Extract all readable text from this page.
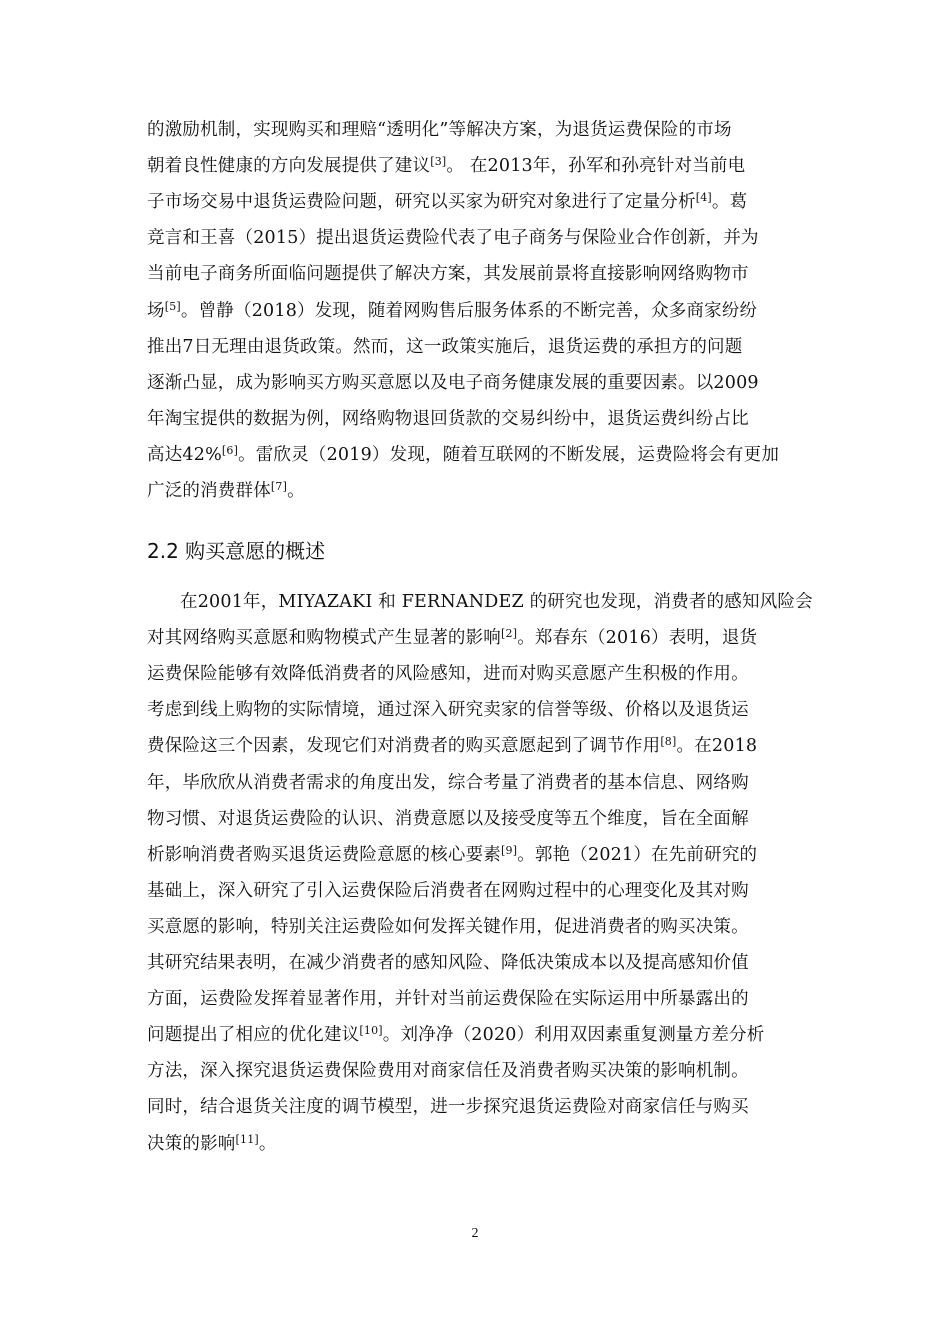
的激励机制，实现购买和理赔“透明化”等解决方案，为退货运费保险的市场
朝着良性健康的方向发展提供了建议[3]。 在2013年，孙军和孙亮针对当前电
子市场交易中退货运费险问题，研究以买家为研究对象进行了定量分析[4]。葛
竞言和王喜（2015）提出退货运费险代表了电子商务与保险业合作创新，并为
当前电子商务所面临问题提供了解决方案，其发展前景将直接影响网络购物市
场[5]。曾静（2018）发现，随着网购售后服务体系的不断完善，众多商家纷纷
推出7日无理由退货政策。然而，这一政策实施后，退货运费的承担方的问题
逐渐凸显，成为影响买方购买意愿以及电子商务健康发展的重要因素。以2009
年淘宝提供的数据为例，网络购物退回货款的交易纠纷中，退货运费纠纷占比
高达42%[6]。雷欣灵（2019）发现，随着互联网的不断发展，运费险将会有更加
广泛的消费群体[7]。
2.2 购买意愿的概述
在2001年，MIYAZAKI 和 FERNANDEZ 的研究也发现，消费者的感知风险会
对其网络购买意愿和购物模式产生显著的影响[2]。郑春东（2016）表明，退货
运费保险能够有效降低消费者的风险感知，进而对购买意愿产生积极的作用。
考虑到线上购物的实际情境，通过深入研究卖家的信誉等级、价格以及退货运
费保险这三个因素，发现它们对消费者的购买意愿起到了调节作用[8]。在2018
年，毕欣欣从消费者需求的角度出发，综合考量了消费者的基本信息、网络购
物习惯、对退货运费险的认识、消费意愿以及接受度等五个维度，旨在全面解
析影响消费者购买退货运费险意愿的核心要素[9]。郭艳（2021）在先前研究的
基础上，深入研究了引入运费保险后消费者在网购过程中的心理变化及其对购
买意愿的影响，特别关注运费险如何发挥关键作用，促进消费者的购买决策。
其研究结果表明，在减少消费者的感知风险、降低决策成本以及提高感知价值
方面，运费险发挥着显著作用，并针对当前运费保险在实际运用中所暴露出的
问题提出了相应的优化建议[10]。刘净净（2020）利用双因素重复测量方差分析
方法，深入探究退货运费保险费用对商家信任及消费者购买决策的影响机制。
同时，结合退货关注度的调节模型，进一步探究退货运费险对商家信任与购买
决策的影响[11]。
2
